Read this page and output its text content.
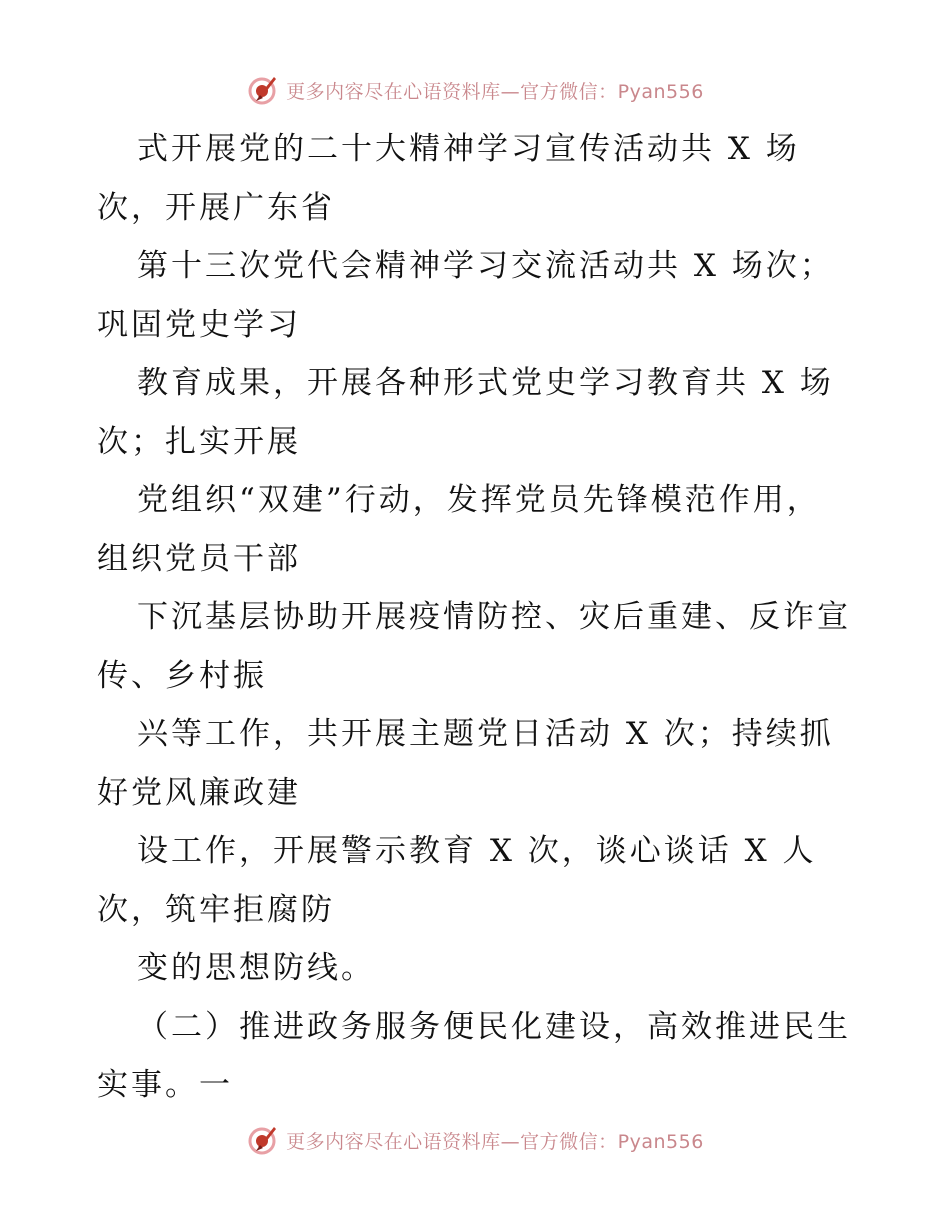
更多内容尽在心语资料库—官方微信：Pyan556
式开展党的二十大精神学习宣传活动共 X 场
次，开展广东省
第十三次党代会精神学习交流活动共 X 场次；
巩固党史学习
教育成果，开展各种形式党史学习教育共 X 场
次；扎实开展
党组织“双建”行动，发挥党员先锋模范作用，
组织党员干部
下沉基层协助开展疫情防控、灾后重建、反诈宣
传、乡村振
兴等工作，共开展主题党日活动 X 次；持续抓
好党风廉政建
设工作，开展警示教育 X 次，谈心谈话 X 人
次，筑牢拒腐防
变的思想防线。
（二）推进政务服务便民化建设，高效推进民生
实事。一
更多内容尽在心语资料库—官方微信：Pyan556
